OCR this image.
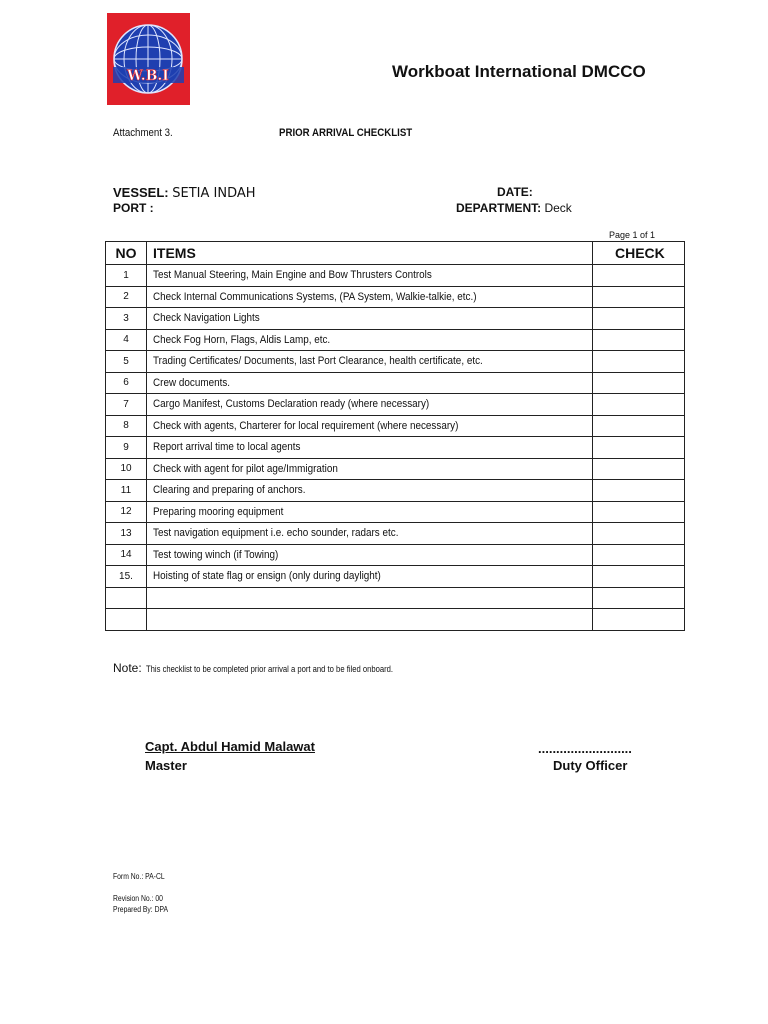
W.B.I	Workboat International DMCCO
Attachment 3.	PRIOR ARRIVAL CHECKLIST
VESSEL: SETIA INDAH
PORT :
DATE:
DEPARTMENT: Deck
Page 1 of 1
NO	ITEMS	CHECK
1	Test Manual Steering, Main Engine and Bow Thrusters Controls	
2	Check Internal Communications Systems, (PA System, Walkie-talkie, etc.)	
3	Check Navigation Lights	
4	Check Fog Horn, Flags, Aldis Lamp, etc.	
5	Trading Certificates/ Documents, last Port Clearance, health certificate, etc.	
6	Crew documents.	
7	Cargo Manifest, Customs Declaration ready (where necessary)	
8	Check with agents, Charterer for local requirement (where necessary)	
9	Report arrival time to local agents	
10	Check with agent for pilot age/Immigration	
11	Clearing and preparing of anchors.	
12	Preparing mooring equipment	
13	Test navigation equipment i.e. echo sounder, radars etc.	
14	Test towing winch (if Towing)	
15.	Hoisting of state flag or ensign (only during daylight)	

Note: This checklist to be completed prior arrival a port and to be filed onboard.
Capt. Abdul Hamid Malawat
Master
..........................
Duty Officer
Form No.: PA-CL
Revision No.: 00
Prepared By: DPA
